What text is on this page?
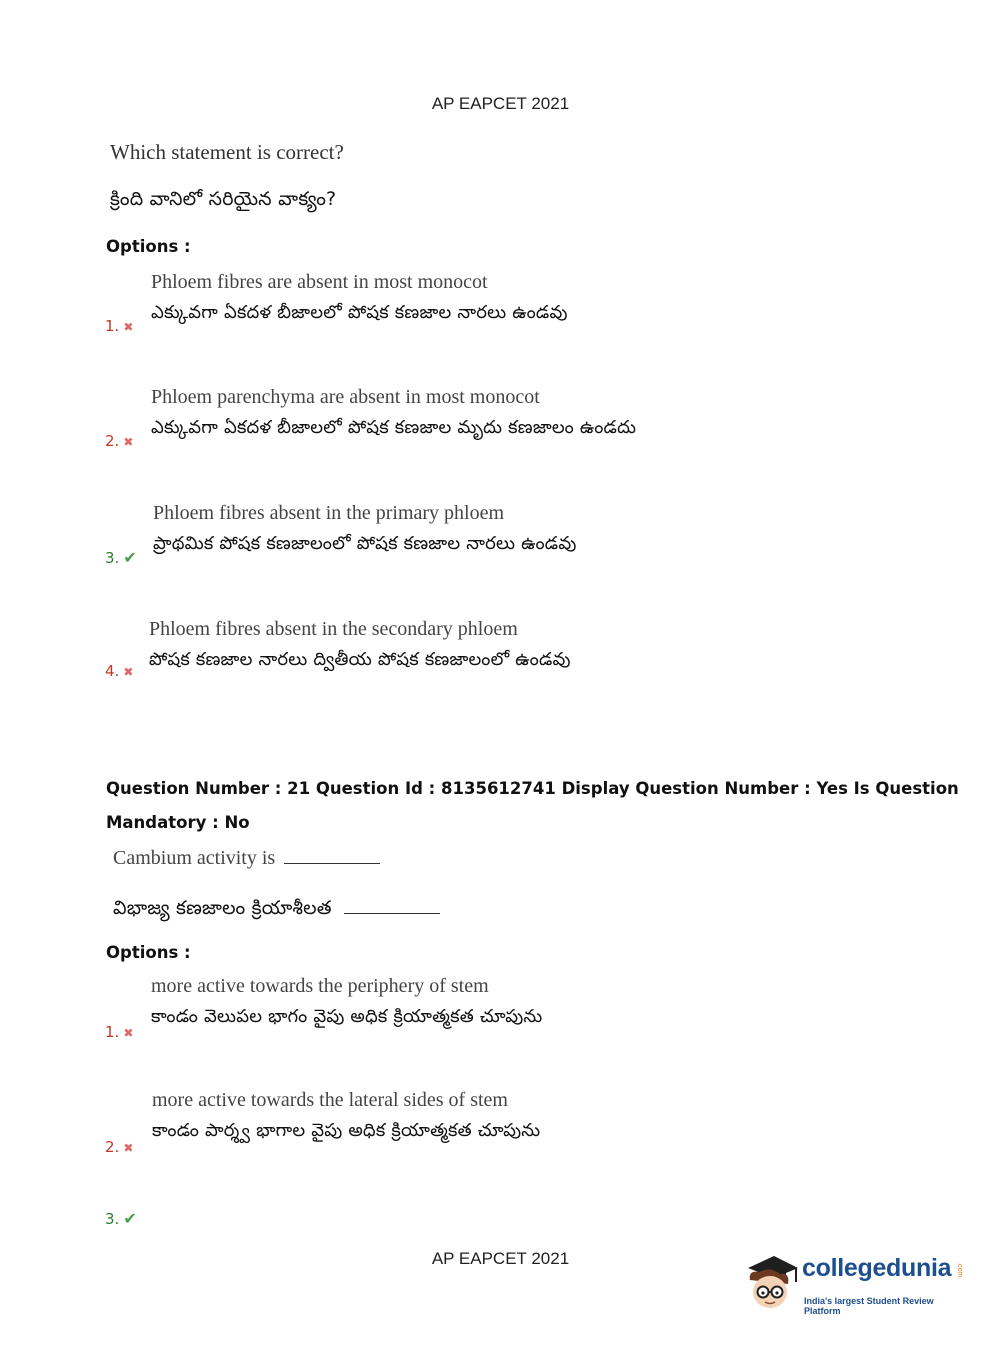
AP EAPCET 2021
Which statement is correct?
క్రింది వానిలో సరియైన వాక్యం?
Options :
Phloem fibres are absent in most monocot
ఎక్కువగా ఏకదళ బీజాలలో పోషక కణజాల నారలు ఉండవు
1. ✖
Phloem parenchyma are absent in most monocot
ఎక్కువగా ఏకదళ బీజాలలో పోషక కణజాల మృదు కణజాలం ఉండదు
2. ✖
Phloem fibres absent in the primary phloem
ప్రాథమిక పోషక కణజాలంలో పోషక కణజాల నారలు ఉండవు
3. ✔
Phloem fibres absent in the secondary phloem
పోషక కణజాల నారలు ద్వితీయ పోషక కణజాలంలో ఉండవు
4. ✖
Question Number : 21 Question Id : 8135612741 Display Question Number : Yes Is Question
Mandatory : No
Cambium activity is
విభాజ్య కణజాలం క్రియాశీలత
Options :
more active towards the periphery of stem
కాండం వెలుపల భాగం వైపు అధిక క్రియాత్మకత చూపును
1. ✖
more active towards the lateral sides of stem
కాండం పార్శ్వ భాగాల వైపు అధిక క్రియాత్మకత చూపును
2. ✖
3. ✔
AP EAPCET 2021	collegedunia .com
India's largest Student Review Platform
